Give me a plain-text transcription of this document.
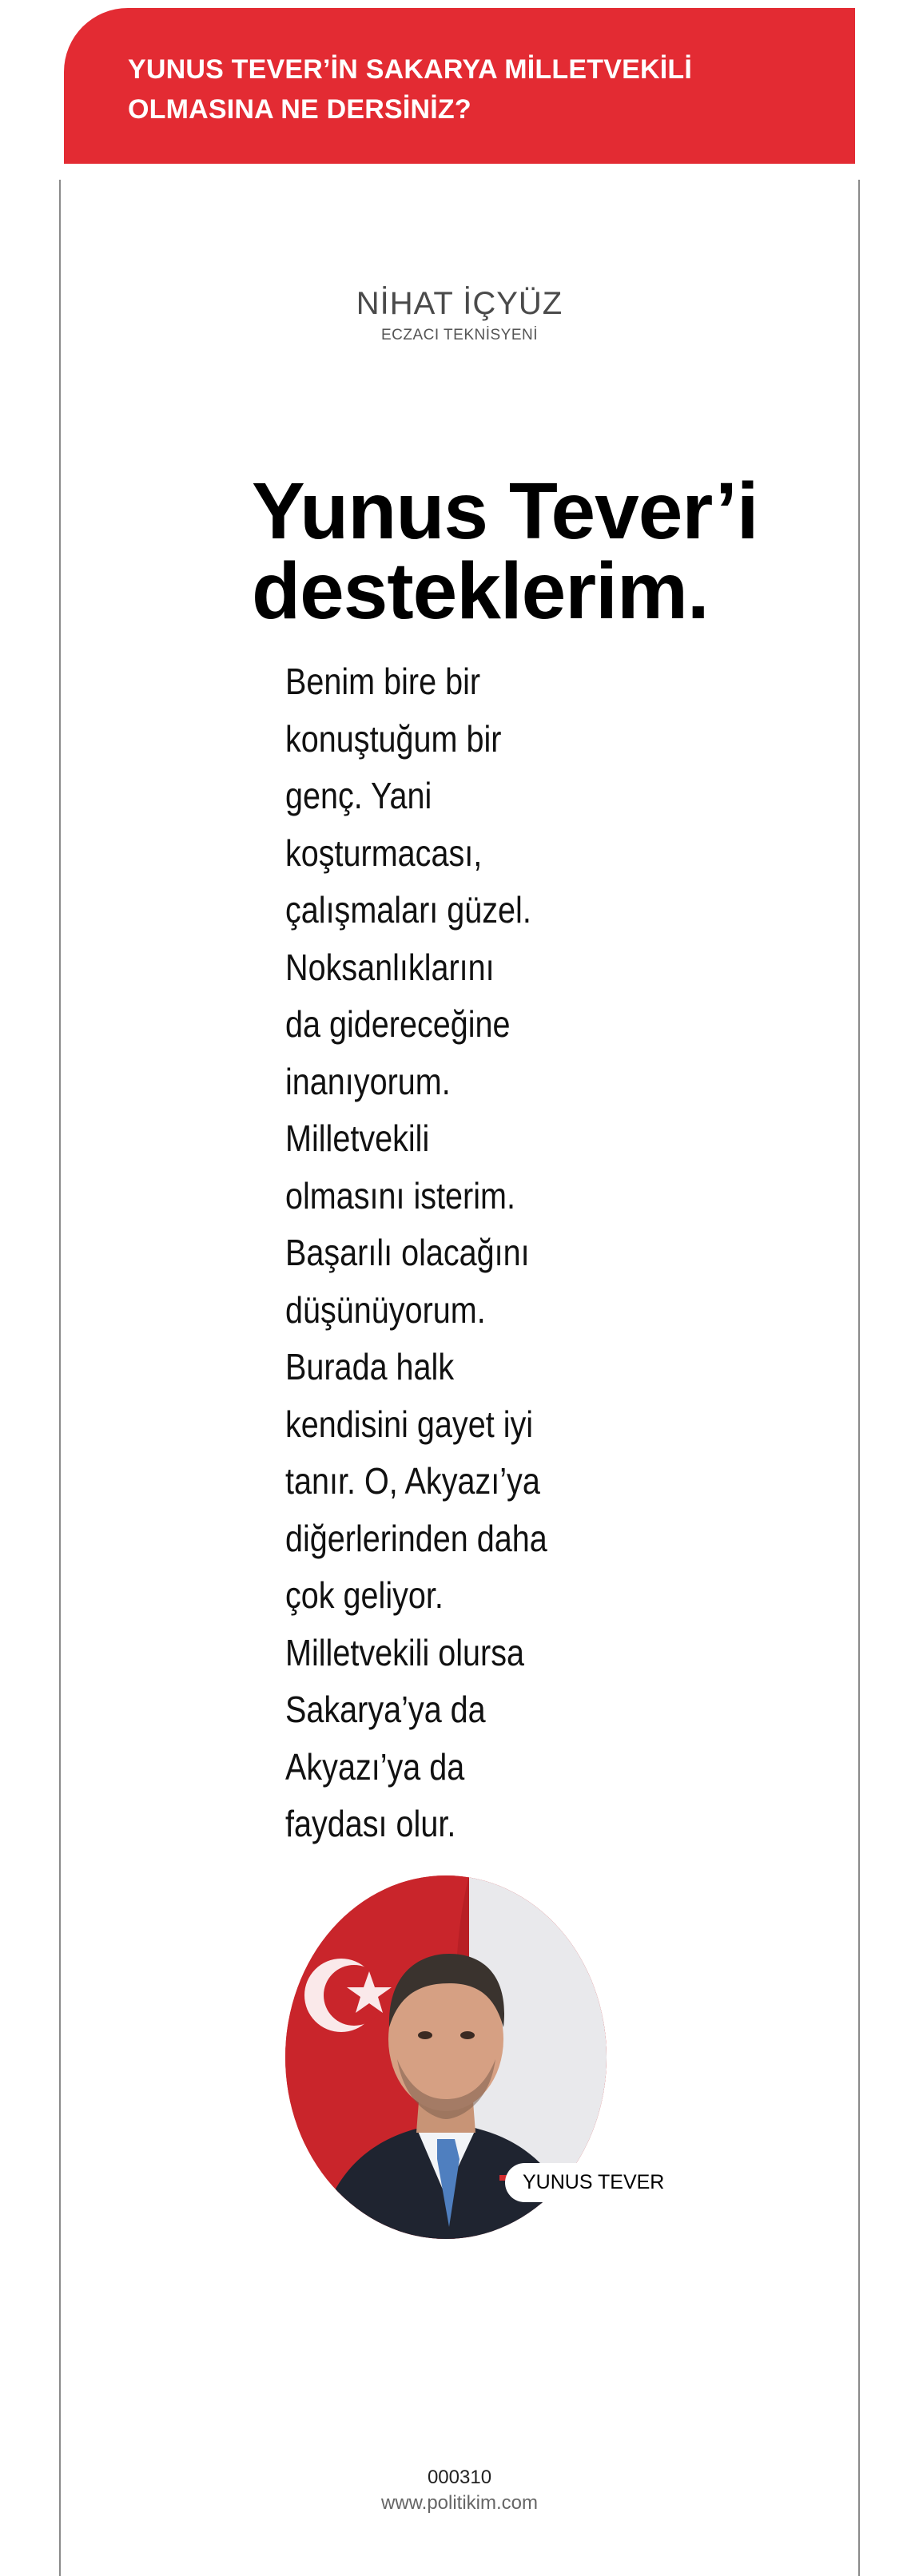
YUNUS TEVER’İN SAKARYA MİLLETVEKİLİ
OLMASINA NE DERSİNİZ?
NİHAT İÇYÜZ
ECZACI TEKNİSYENİ
Yunus Tever’i
desteklerim.
Benim bire bir
konuştuğum bir
genç. Yani
koşturmacası,
çalışmaları güzel.
Noksanlıklarını
da gidereceğine
inanıyorum.
Milletvekili
olmasını isterim.
Başarılı olacağını
düşünüyorum.
Burada halk
kendisini gayet iyi
tanır. O, Akyazı’ya
diğerlerinden daha
çok geliyor.
Milletvekili olursa
Sakarya’ya da
Akyazı’ya da
faydası olur.
YUNUS TEVER
000310
www.politikim.com
